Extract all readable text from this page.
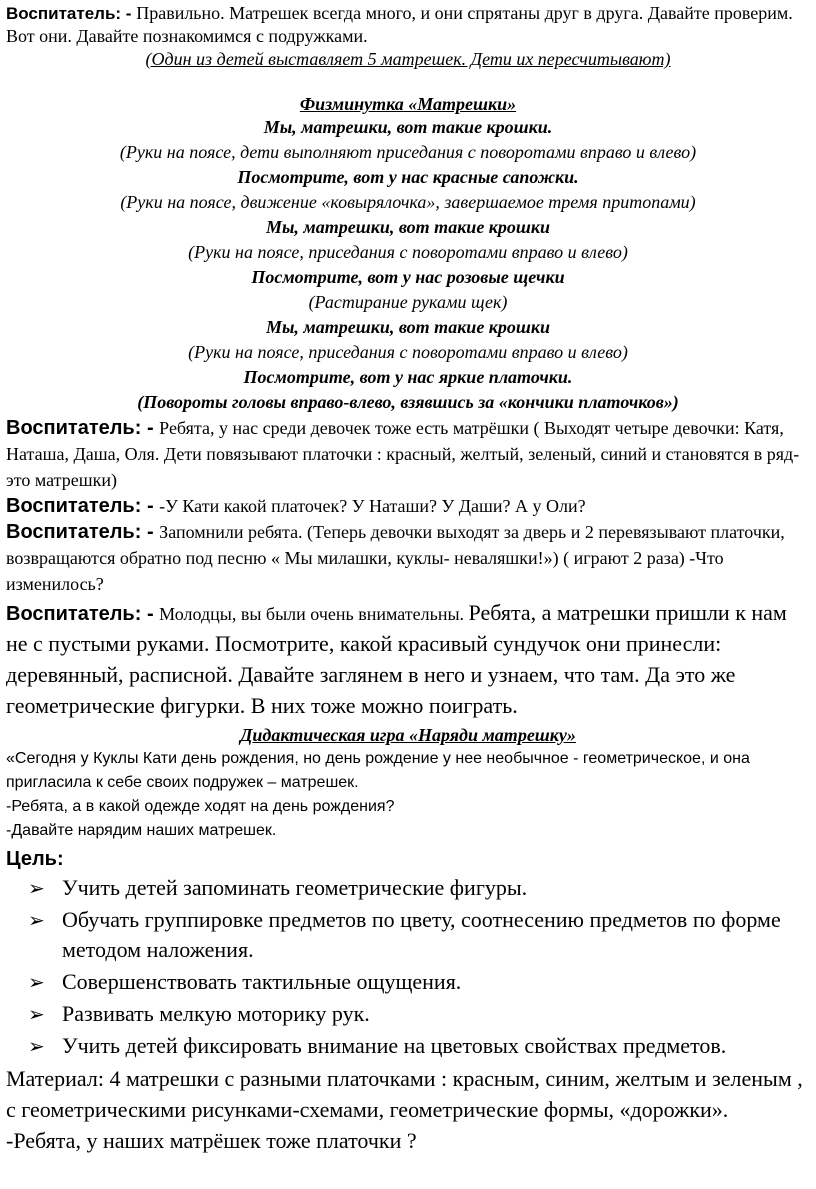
Воспитатель: - Правильно. Матрешек всегда много, и они спрятаны друг в друга. Давайте проверим. Вот они. Давайте познакомимся с подружками.

(Один из детей выставляет 5 матрешек. Дети их пересчитывают)

Физминутка «Матрешки»

Мы, матрешки, вот такие крошки.

(Руки на поясе, дети выполняют приседания с поворотами вправо и влево)

Посмотрите, вот у нас красные сапожки.

(Руки на поясе, движение «ковырялочка», завершаемое тремя притопами)

Мы, матрешки, вот такие крошки

(Руки на поясе, приседания с поворотами вправо и влево)

Посмотрите, вот у нас розовые щечки

(Растирание руками щек)

Мы, матрешки, вот такие крошки

(Руки на поясе, приседания с поворотами вправо и влево)

Посмотрите, вот у нас яркие платочки.

(Повороты головы вправо-влево, взявшись за «кончики платочков»)

Воспитатель: - Ребята, у нас среди девочек тоже есть матрёшки ( Выходят четыре девочки: Катя, Наташа, Даша, Оля. Дети повязывают платочки : красный, желтый, зеленый, синий и становятся в ряд-это матрешки)

Воспитатель: - -У Кати какой платочек? У Наташи? У Даши? А у Оли?

Воспитатель: - Запомнили ребята. (Теперь девочки выходят за дверь и 2 перевязывают платочки, возвращаются обратно под песню « Мы милашки, куклы- неваляшки!») ( играют 2 раза) -Что изменилось?

Воспитатель: - Молодцы, вы были очень внимательны. Ребята, а матрешки пришли к нам не с пустыми руками. Посмотрите, какой красивый сундучок они принесли: деревянный, расписной. Давайте заглянем в него и узнаем, что там. Да это же геометрические фигурки. В них тоже можно поиграть.

Дидактическая игра «Наряди матрешку»

«Сегодня у Куклы Кати день рождения, но день рождение у нее необычное - геометрическое, и она пригласила к себе своих подружек – матрешек.

-Ребята, а в какой одежде ходят на день рождения?

-Давайте нарядим наших матрешек.

Цель:

➢ Учить детей запоминать геометрические фигуры.
➢ Обучать группировке предметов по цвету, соотнесению предметов по форме методом наложения.
➢ Совершенствовать тактильные ощущения.
➢ Развивать мелкую моторику рук.
➢ Учить детей фиксировать внимание на цветовых свойствах предметов.

Материал: 4 матрешки с разными платочками : красным, синим, желтым и зеленым , с геометрическими рисунками-схемами, геометрические формы, «дорожки».

-Ребята, у наших матрёшек тоже платочки ?
